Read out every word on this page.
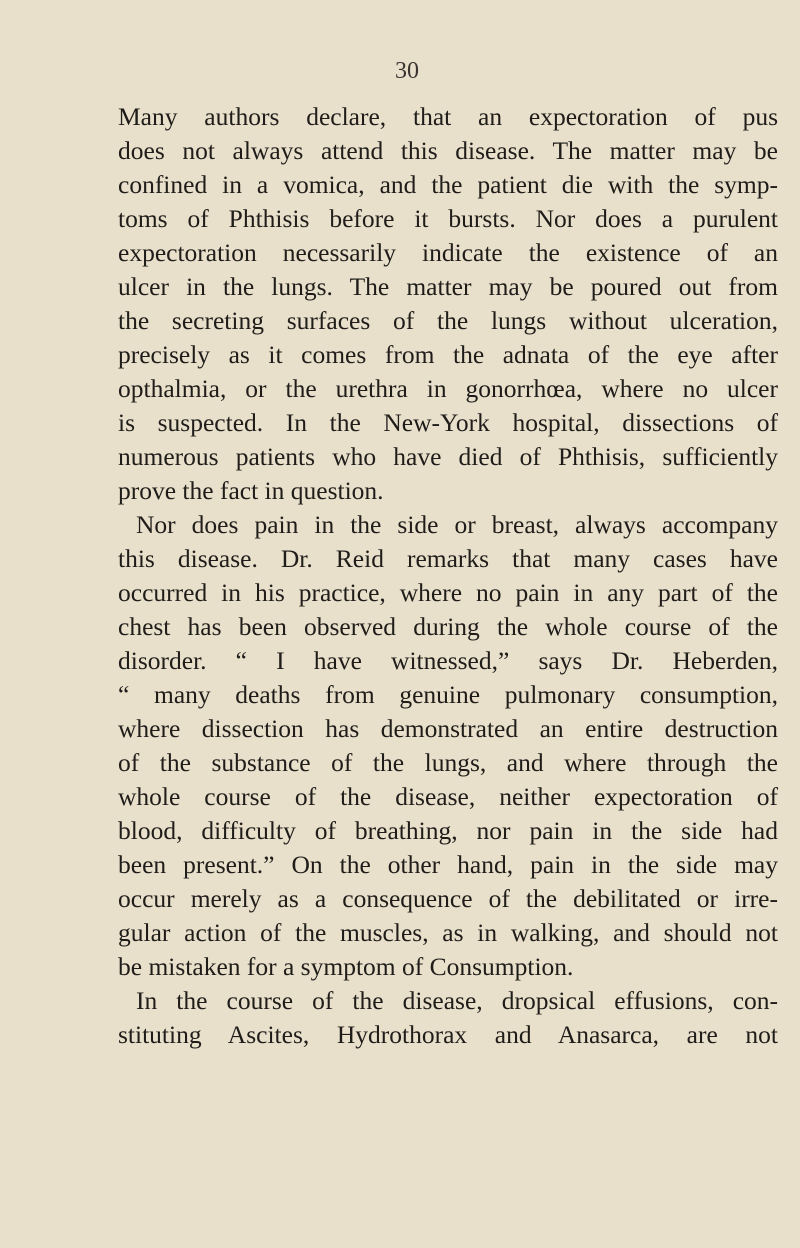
30
Many authors declare, that an expectoration of pus
does not always attend this disease. The matter may be
confined in a vomica, and the patient die with the symp-
toms of Phthisis before it bursts. Nor does a purulent
expectoration necessarily indicate the existence of an
ulcer in the lungs. The matter may be poured out from
the secreting surfaces of the lungs without ulceration,
precisely as it comes from the adnata of the eye after
opthalmia, or the urethra in gonorrhœa, where no ulcer
is suspected. In the New-York hospital, dissections of
numerous patients who have died of Phthisis, sufficiently
prove the fact in question.
Nor does pain in the side or breast, always accompany
this disease. Dr. Reid remarks that many cases have
occurred in his practice, where no pain in any part of the
chest has been observed during the whole course of the
disorder. “ I have witnessed,” says Dr. Heberden,
“ many deaths from genuine pulmonary consumption,
where dissection has demonstrated an entire destruction
of the substance of the lungs, and where through the
whole course of the disease, neither expectoration of
blood, difficulty of breathing, nor pain in the side had
been present.” On the other hand, pain in the side may
occur merely as a consequence of the debilitated or irre-
gular action of the muscles, as in walking, and should not
be mistaken for a symptom of Consumption.
In the course of the disease, dropsical effusions, con-
stituting Ascites, Hydrothorax and Anasarca, are not
